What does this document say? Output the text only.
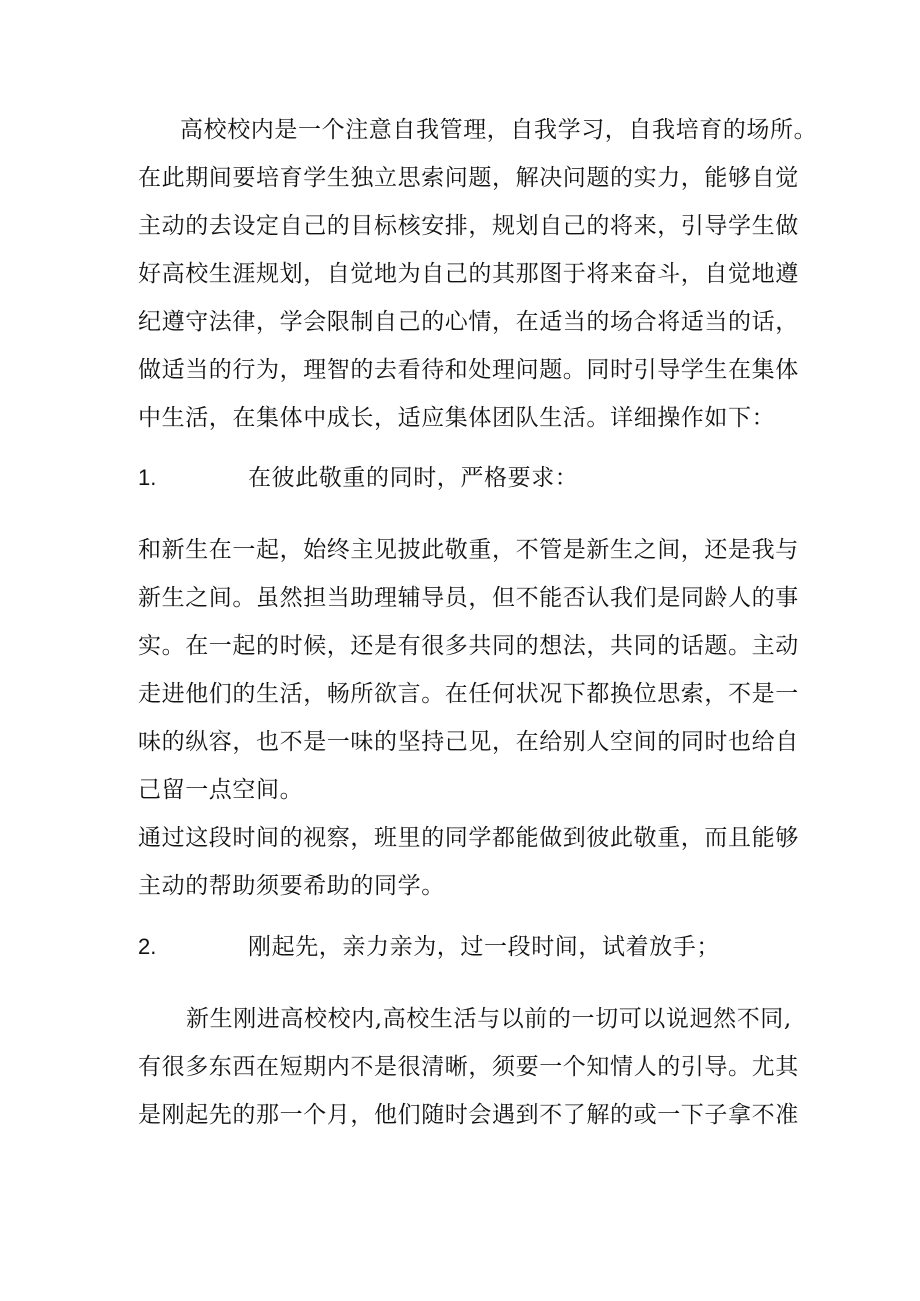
高校校内是一个注意自我管理，自我学习，自我培育的场所。
在此期间要培育学生独立思索问题，解决问题的实力，能够自觉
主动的去设定自己的目标核安排，规划自己的将来，引导学生做
好高校生涯规划，自觉地为自己的其那图于将来奋斗，自觉地遵
纪遵守法律，学会限制自己的心情，在适当的场合将适当的话，
做适当的行为，理智的去看待和处理问题。同时引导学生在集体
中生活，在集体中成长，适应集体团队生活。详细操作如下：
1.	在彼此敬重的同时，严格要求：
和新生在一起，始终主见披此敬重，不管是新生之间，还是我与
新生之间。虽然担当助理辅导员，但不能否认我们是同龄人的事
实。在一起的时候，还是有很多共同的想法，共同的话题。主动
走进他们的生活，畅所欲言。在任何状况下都换位思索，不是一
味的纵容，也不是一味的坚持己见，在给别人空间的同时也给自
己留一点空间。
通过这段时间的视察，班里的同学都能做到彼此敬重，而且能够
主动的帮助须要希助的同学。
2.	刚起先，亲力亲为，过一段时间，试着放手；
新生刚进高校校内,高校生活与以前的一切可以说迥然不同,
有很多东西在短期内不是很清晰，须要一个知情人的引导。尤其
是刚起先的那一个月，他们随时会遇到不了解的或一下子拿不准
